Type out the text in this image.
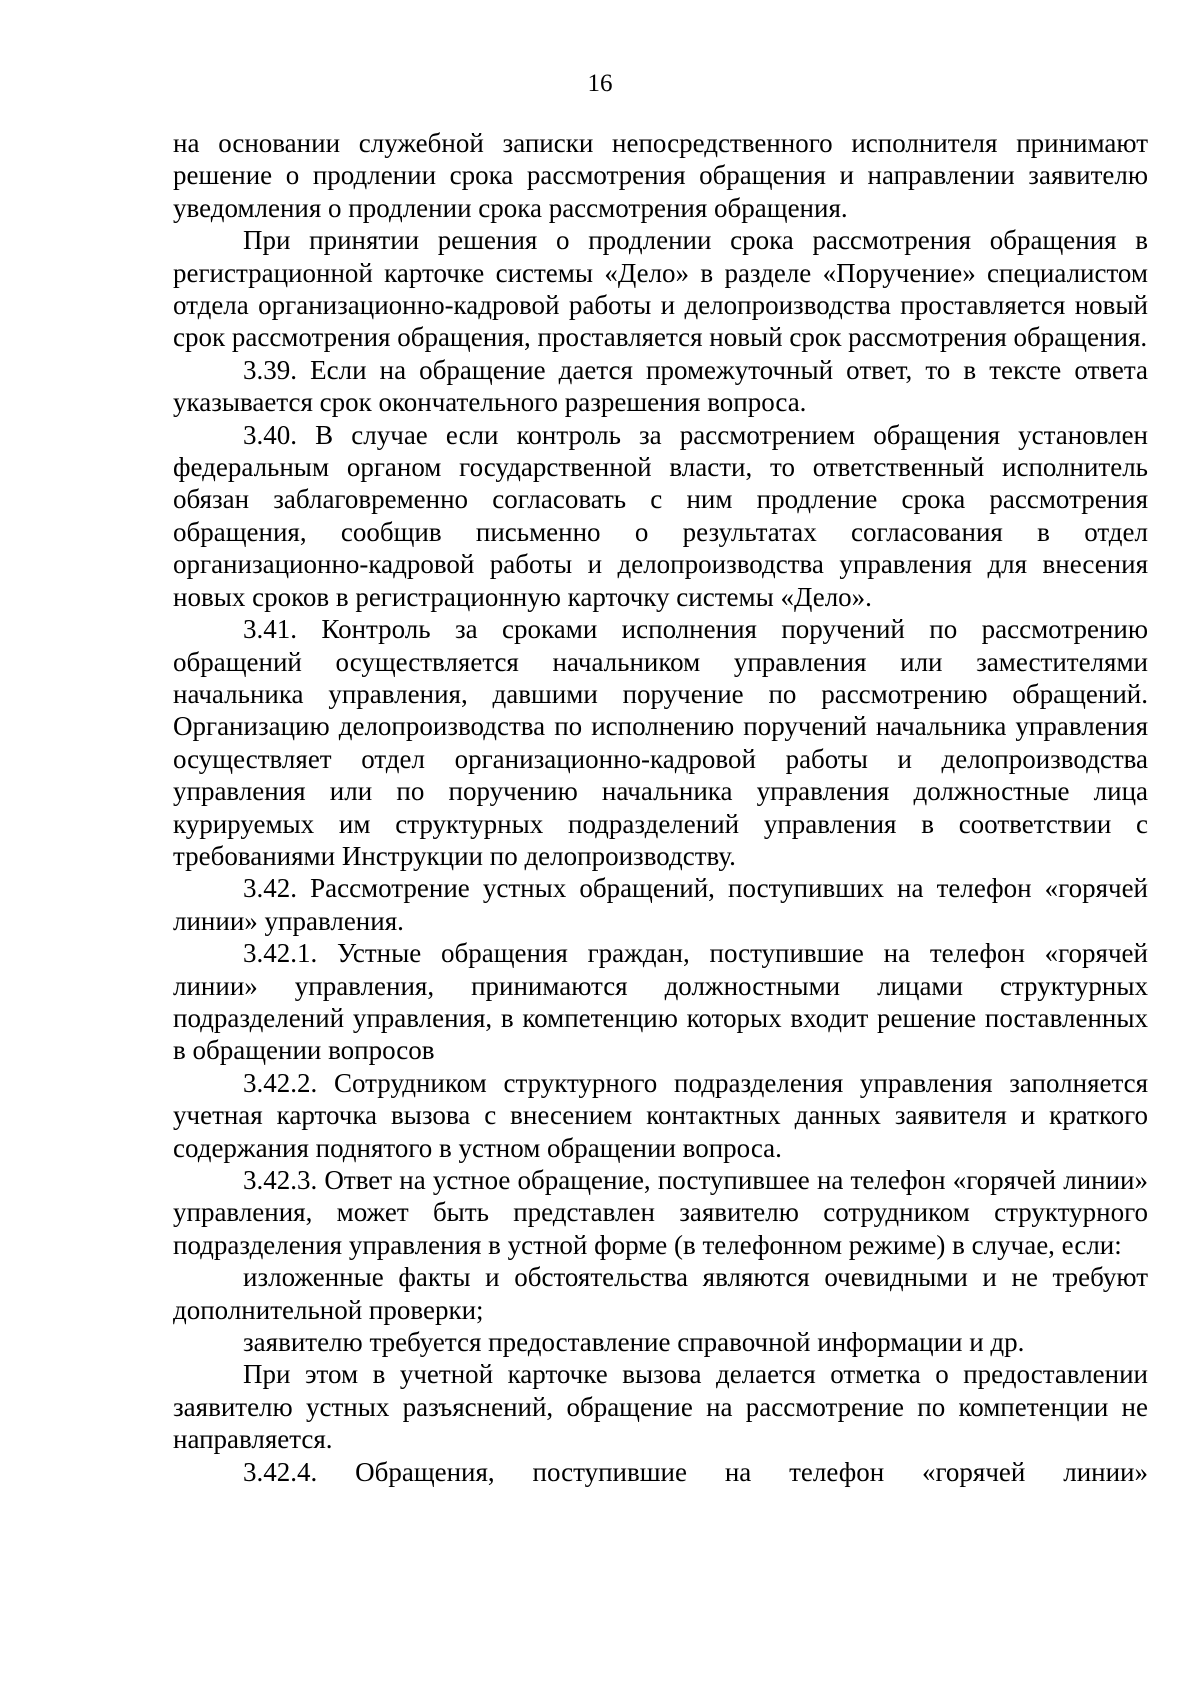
16

на основании служебной записки непосредственного исполнителя принимают решение о продлении срока рассмотрения обращения и направлении заявителю уведомления о продлении срока рассмотрения обращения.

При принятии решения о продлении срока рассмотрения обращения в регистрационной карточке системы «Дело» в разделе «Поручение» специалистом отдела организационно-кадровой работы и делопроизводства проставляется новый срок рассмотрения обращения, проставляется новый срок рассмотрения обращения.

3.39. Если на обращение дается промежуточный ответ, то в тексте ответа указывается срок окончательного разрешения вопроса.

3.40. В случае если контроль за рассмотрением обращения установлен федеральным органом государственной власти, то ответственный исполнитель обязан заблаговременно согласовать с ним продление срока рассмотрения обращения, сообщив письменно о результатах согласования в отдел организационно-кадровой работы и делопроизводства управления для внесения новых сроков в регистрационную карточку системы «Дело».

3.41. Контроль за сроками исполнения поручений по рассмотрению обращений осуществляется начальником управления или заместителями начальника управления, давшими поручение по рассмотрению обращений. Организацию делопроизводства по исполнению поручений начальника управления осуществляет отдел организационно-кадровой работы и делопроизводства управления или по поручению начальника управления должностные лица курируемых им структурных подразделений управления в соответствии с требованиями Инструкции по делопроизводству.

3.42. Рассмотрение устных обращений, поступивших на телефон «горячей линии» управления.

3.42.1. Устные обращения граждан, поступившие на телефон «горячей линии» управления, принимаются должностными лицами структурных подразделений управления, в компетенцию которых входит решение поставленных в обращении вопросов

3.42.2. Сотрудником структурного подразделения управления заполняется учетная карточка вызова с внесением контактных данных заявителя и краткого содержания поднятого в устном обращении вопроса.

3.42.3. Ответ на устное обращение, поступившее на телефон «горячей линии» управления, может быть представлен заявителю сотрудником структурного подразделения управления в устной форме (в телефонном режиме) в случае, если:

изложенные факты и обстоятельства являются очевидными и не требуют дополнительной проверки;

заявителю требуется предоставление справочной информации и др.

При этом в учетной карточке вызова делается отметка о предоставлении заявителю устных разъяснений, обращение на рассмотрение по компетенции не направляется.

3.42.4. Обращения, поступившие на телефон «горячей линии»
